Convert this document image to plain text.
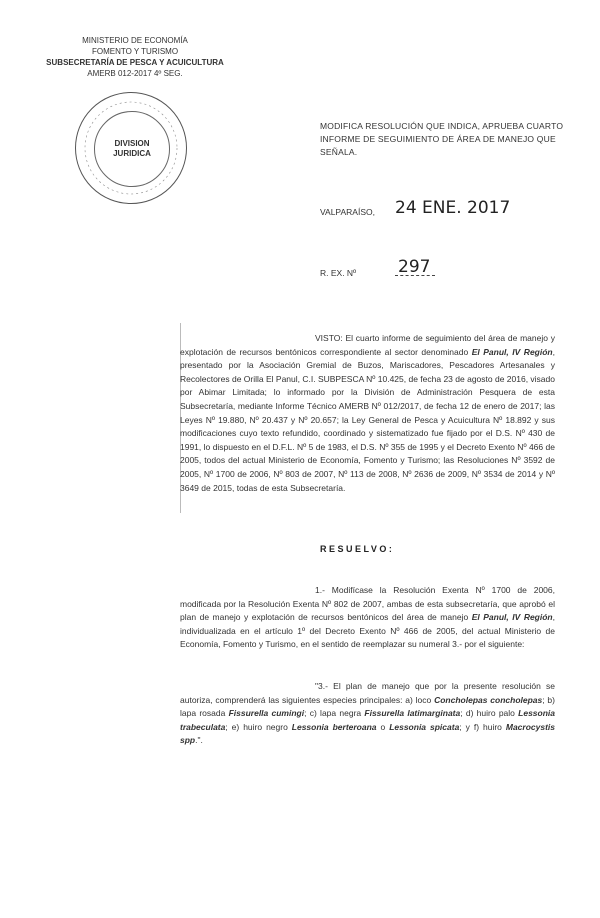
MINISTERIO DE ECONOMÍA
FOMENTO Y TURISMO
SUBSECRETARÍA DE PESCA Y ACUICULTURA
AMERB 012-2017 4º SEG.
DIVISION
JURIDICA
MODIFICA RESOLUCIÓN QUE INDICA, APRUEBA CUARTO INFORME DE SEGUIMIENTO DE ÁREA DE MANEJO QUE SEÑALA.
VALPARAÍSO, 24 ENE. 2017
R. EX. Nº 297
VISTO: El cuarto informe de seguimiento del área de manejo y explotación de recursos bentónicos correspondiente al sector denominado El Panul, IV Región, presentado por la Asociación Gremial de Buzos, Mariscadores, Pescadores Artesanales y Recolectores de Orilla El Panul, C.I. SUBPESCA Nº 10.425, de fecha 23 de agosto de 2016, visado por Abimar Limitada; lo informado por la División de Administración Pesquera de esta Subsecretaría, mediante Informe Técnico AMERB Nº 012/2017, de fecha 12 de enero de 2017; las Leyes Nº 19.880, Nº 20.437 y Nº 20.657; la Ley General de Pesca y Acuicultura Nº 18.892 y sus modificaciones cuyo texto refundido, coordinado y sistematizado fue fijado por el D.S. Nº 430 de 1991, lo dispuesto en el D.F.L. Nº 5 de 1983, el D.S. Nº 355 de 1995 y el Decreto Exento Nº 466 de 2005, todos del actual Ministerio de Economía, Fomento y Turismo; las Resoluciones Nº 3592 de 2005, Nº 1700 de 2006, Nº 803 de 2007, Nº 113 de 2008, Nº 2636 de 2009, Nº 3534 de 2014 y Nº 3649 de 2015, todas de esta Subsecretaría.
RESUELVO:
1.- Modifícase la Resolución Exenta Nº 1700 de 2006, modificada por la Resolución Exenta Nº 802 de 2007, ambas de esta subsecretaría, que aprobó el plan de manejo y explotación de recursos bentónicos del área de manejo El Panul, IV Región, individualizada en el artículo 1º del Decreto Exento Nº 466 de 2005, del actual Ministerio de Economía, Fomento y Turismo, en el sentido de reemplazar su numeral 3.- por el siguiente:
"3.- El plan de manejo que por la presente resolución se autoriza, comprenderá las siguientes especies principales: a) loco Concholepas concholepas; b) lapa rosada Fissurella cumingi; c) lapa negra Fissurella latimarginata; d) huiro palo Lessonia trabeculata; e) huiro negro Lessonia berteroana o Lessonia spicata; y f) huiro Macrocystis spp.".
